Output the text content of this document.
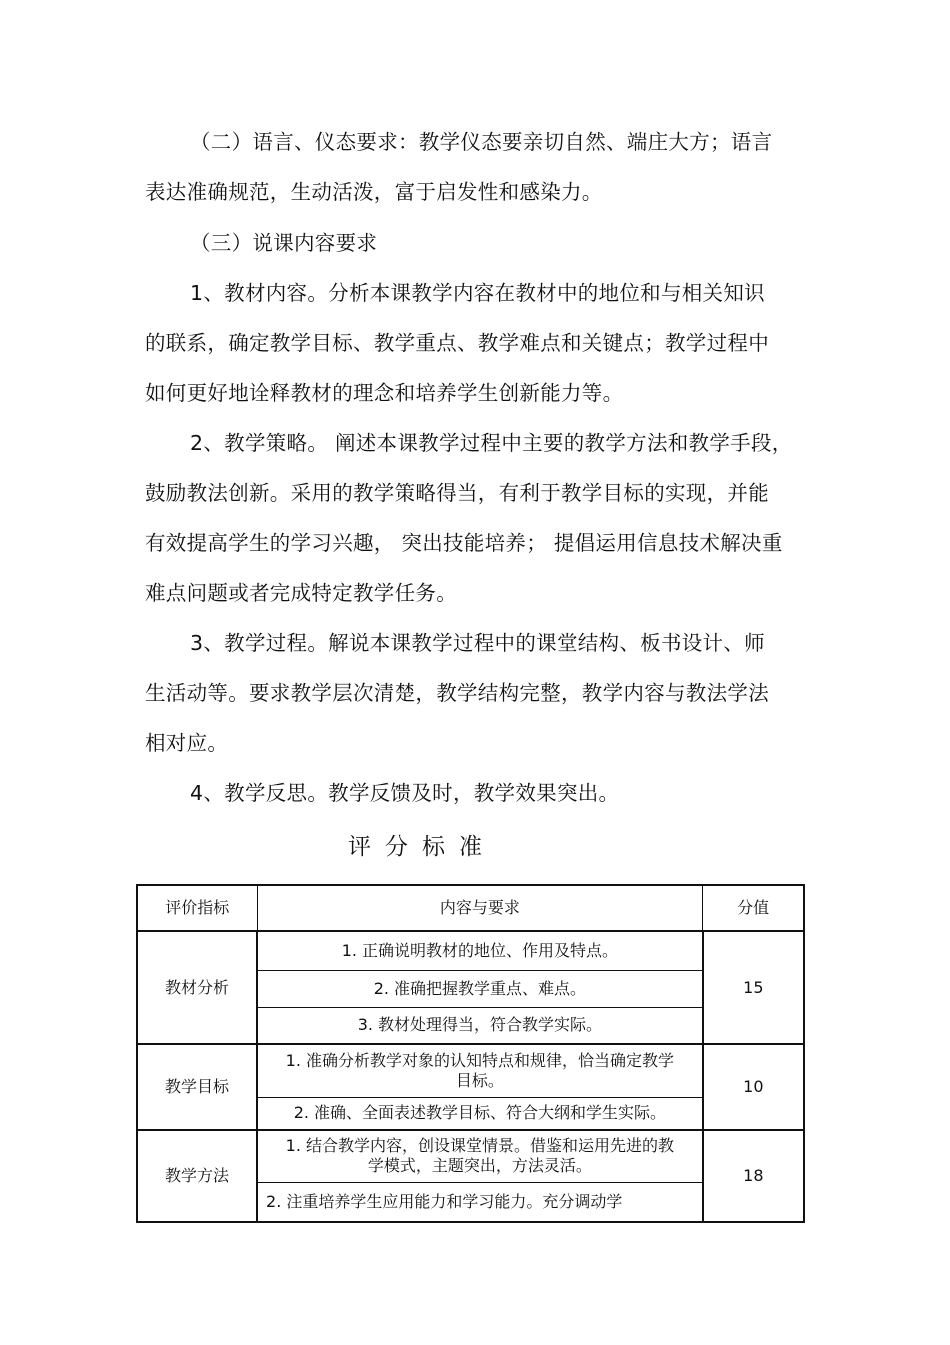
（二）语言、仪态要求：教学仪态要亲切自然、端庄大方；语言
表达准确规范，生动活泼，富于启发性和感染力。
（三）说课内容要求
1、教材内容。分析本课教学内容在教材中的地位和与相关知识
的联系，确定教学目标、教学重点、教学难点和关键点；教学过程中
如何更好地诠释教材的理念和培养学生创新能力等。
2、教学策略。 阐述本课教学过程中主要的教学方法和教学手段，
鼓励教法创新。采用的教学策略得当，有利于教学目标的实现，并能
有效提高学生的学习兴趣， 突出技能培养； 提倡运用信息技术解决重
难点问题或者完成特定教学任务。
3、教学过程。解说本课教学过程中的课堂结构、板书设计、师
生活动等。要求教学层次清楚，教学结构完整，教学内容与教法学法
相对应。
4、教学反思。教学反馈及时，教学效果突出。
评分标准
评价指标	内容与要求	分值
教材分析	1. 正确说明教材的地位、作用及特点。	15
	2. 准确把握教学重点、难点。	
	3. 教材处理得当，符合教学实际。	
教学目标	1. 准确分析教学对象的认知特点和规律，恰当确定教学目标。	10
	2. 准确、全面表述教学目标、符合大纲和学生实际。	
教学方法	1. 结合教学内容，创设课堂情景。借鉴和运用先进的教学模式，主题突出，方法灵活。	18
	2. 注重培养学生应用能力和学习能力。充分调动学	
